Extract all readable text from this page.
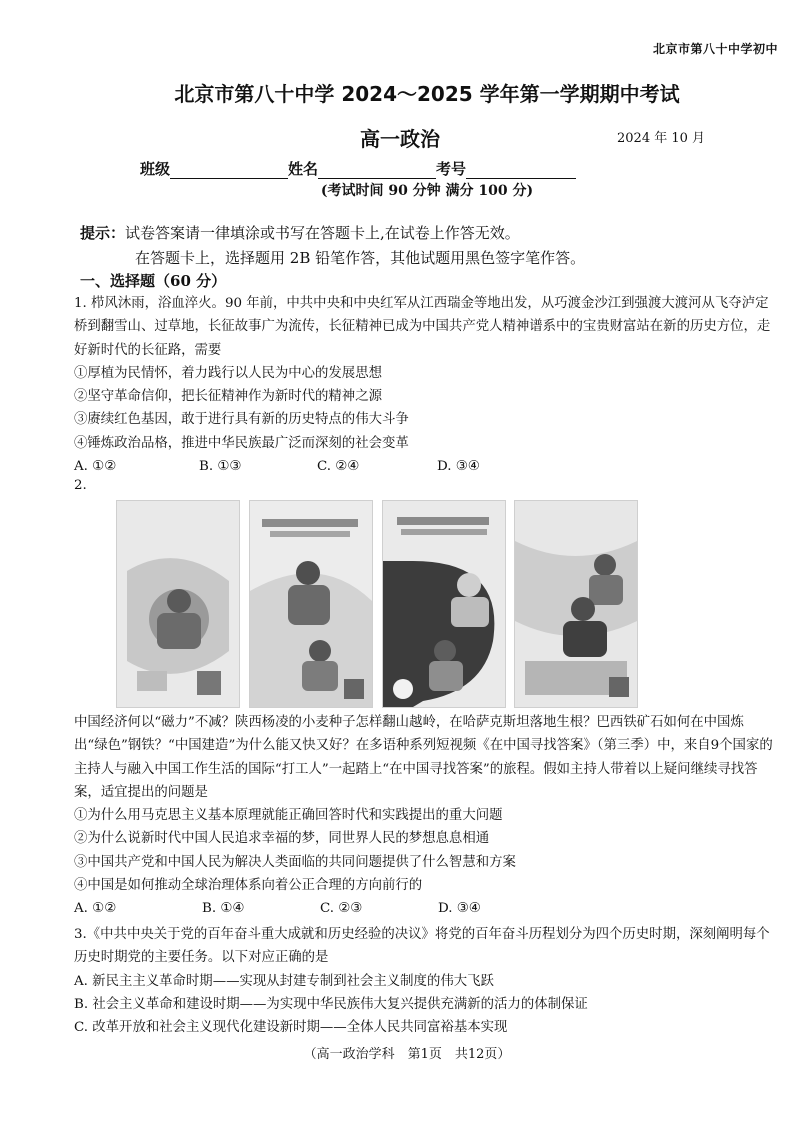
北京市第八十中学初中
北京市第八十中学 2024～2025 学年第一学期期中考试
高一政治	2024 年 10 月
班级	姓名	考号
(考试时间 90 分钟 满分 100 分)
提示：试卷答案请一律填涂或书写在答题卡上,在试卷上作答无效。
在答题卡上，选择题用 2B 铅笔作答，其他试题用黑色签字笔作答。
一、选择题（60 分）

1. 栉风沐雨，浴血淬火。90 年前，中共中央和中央红军从江西瑞金等地出发，从巧渡金沙江到强渡大渡河从飞夺泸定桥到翻雪山、过草地，长征故事广为流传，长征精神已成为中国共产党人精神谱系中的宝贵财富站在新的历史方位，走好新时代的长征路，需要

①厚植为民情怀，着力践行以人民为中心的发展思想

②坚守革命信仰，把长征精神作为新时代的精神之源

③赓续红色基因，敢于进行具有新的历史特点的伟大斗争

④锤炼政治品格，推进中华民族最广泛而深刻的社会变革

A. ①②	B. ①③	C. ②④	D. ③④
2.

中国经济何以“磁力”不减？陕西杨凌的小麦种子怎样翻山越岭，在哈萨克斯坦落地生根？巴西铁矿石如何在中国炼出“绿色”钢铁？“中国建造”为什么能又快又好？在多语种系列短视频《在中国寻找答案》（第三季）中，来自9个国家的主持人与融入中国工作生活的国际“打工人”一起踏上“在中国寻找答案”的旅程。假如主持人带着以上疑问继续寻找答案，适宜提出的问题是

①为什么用马克思主义基本原理就能正确回答时代和实践提出的重大问题

②为什么说新时代中国人民追求幸福的梦，同世界人民的梦想息息相通

③中国共产党和中国人民为解决人类面临的共同问题提供了什么智慧和方案

④中国是如何推动全球治理体系向着公正合理的方向前行的

A. ①②	B. ①④	C. ②③	D. ③④

3.《中共中央关于党的百年奋斗重大成就和历史经验的决议》将党的百年奋斗历程划分为四个历史时期，深刻阐明每个历史时期党的主要任务。以下对应正确的是

A. 新民主主义革命时期——实现从封建专制到社会主义制度的伟大飞跃

B. 社会主义革命和建设时期——为实现中华民族伟大复兴提供充满新的活力的体制保证

C. 改革开放和社会主义现代化建设新时期——全体人民共同富裕基本实现

（高一政治学科　第1页　共12页）
